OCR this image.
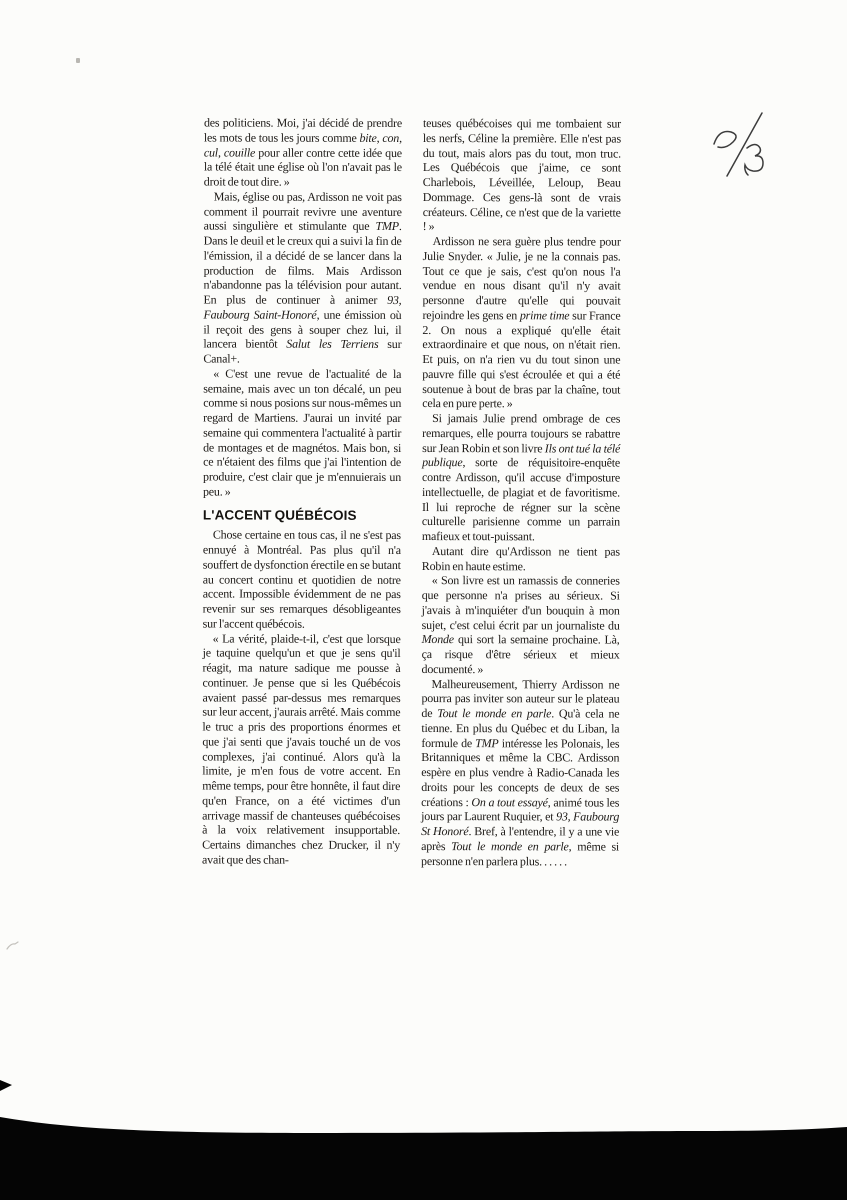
des politiciens. Moi, j'ai décidé de prendre les mots de tous les jours comme bite, con, cul, couille pour aller contre cette idée que la télé était une église où l'on n'avait pas le droit de tout dire. »

Mais, église ou pas, Ardisson ne voit pas comment il pourrait revivre une aventure aussi singulière et stimulante que TMP. Dans le deuil et le creux qui a suivi la fin de l'émission, il a décidé de se lancer dans la production de films. Mais Ardisson n'abandonne pas la télévision pour autant. En plus de continuer à animer 93, Faubourg Saint-Honoré, une émission où il reçoit des gens à souper chez lui, il lancera bientôt Salut les Terriens sur Canal+.

« C'est une revue de l'actualité de la semaine, mais avec un ton décalé, un peu comme si nous posions sur nous-mêmes un regard de Martiens. J'aurai un invité par semaine qui commentera l'actualité à partir de montages et de magnétos. Mais bon, si ce n'étaient des films que j'ai l'intention de produire, c'est clair que je m'ennuierais un peu. »

L'ACCENT QUÉBÉCOIS

Chose certaine en tous cas, il ne s'est pas ennuyé à Montréal. Pas plus qu'il n'a souffert de dysfonction érectile en se butant au concert continu et quotidien de notre accent. Impossible évidemment de ne pas revenir sur ses remarques désobligeantes sur l'accent québécois.

« La vérité, plaide-t-il, c'est que lorsque je taquine quelqu'un et que je sens qu'il réagit, ma nature sadique me pousse à continuer. Je pense que si les Québécois avaient passé par-dessus mes remarques sur leur accent, j'aurais arrêté. Mais comme le truc a pris des proportions énormes et que j'ai senti que j'avais touché un de vos complexes, j'ai continué. Alors qu'à la limite, je m'en fous de votre accent. En même temps, pour être honnête, il faut dire qu'en France, on a été victimes d'un arrivage massif de chanteuses québécoises à la voix relativement insupportable. Certains dimanches chez Drucker, il n'y avait que des chan-

teuses québécoises qui me tombaient sur les nerfs, Céline la première. Elle n'est pas du tout, mais alors pas du tout, mon truc. Les Québécois que j'aime, ce sont Charlebois, Léveillée, Leloup, Beau Dommage. Ces gens-là sont de vrais créateurs. Céline, ce n'est que de la variette ! »

Ardisson ne sera guère plus tendre pour Julie Snyder. « Julie, je ne la connais pas. Tout ce que je sais, c'est qu'on nous l'a vendue en nous disant qu'il n'y avait personne d'autre qu'elle qui pouvait rejoindre les gens en prime time sur France 2. On nous a expliqué qu'elle était extraordinaire et que nous, on n'était rien. Et puis, on n'a rien vu du tout sinon une pauvre fille qui s'est écroulée et qui a été soutenue à bout de bras par la chaîne, tout cela en pure perte. »

Si jamais Julie prend ombrage de ces remarques, elle pourra toujours se rabattre sur Jean Robin et son livre Ils ont tué la télé publique, sorte de réquisitoire-enquête contre Ardisson, qu'il accuse d'imposture intellectuelle, de plagiat et de favoritisme. Il lui reproche de régner sur la scène culturelle parisienne comme un parrain mafieux et tout-puissant.

Autant dire qu'Ardisson ne tient pas Robin en haute estime.

« Son livre est un ramassis de conneries que personne n'a prises au sérieux. Si j'avais à m'inquiéter d'un bouquin à mon sujet, c'est celui écrit par un journaliste du Monde qui sort la semaine prochaine. Là, ça risque d'être sérieux et mieux documenté. »

Malheureusement, Thierry Ardisson ne pourra pas inviter son auteur sur le plateau de Tout le monde en parle. Qu'à cela ne tienne. En plus du Québec et du Liban, la formule de TMP intéresse les Polonais, les Britanniques et même la CBC. Ardisson espère en plus vendre à Radio-Canada les droits pour les concepts de deux de ses créations : On a tout essayé, animé tous les jours par Laurent Ruquier, et 93, Faubourg St Honoré. Bref, à l'entendre, il y a une vie après Tout le monde en parle, même si personne n'en parlera plus. . . . . .
